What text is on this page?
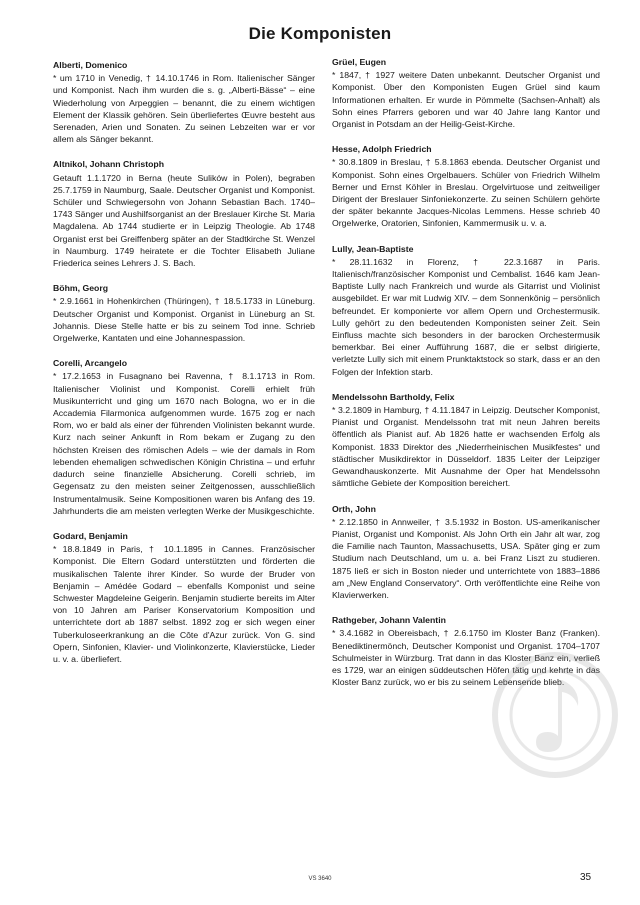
Die Komponisten
Alberti, Domenico
* um 1710 in Venedig, † 14.10.1746 in Rom. Italienischer Sänger und Komponist. Nach ihm wurden die s. g. „Alberti-Bässe“ – eine Wiederholung von Arpeggien – benannt, die zu einem wichtigen Element der Klassik gehören. Sein überliefertes Œuvre besteht aus Serenaden, Arien und Sonaten. Zu seinen Lebzeiten war er vor allem als Sänger bekannt.
Altnikol, Johann Christoph
Getauft 1.1.1720 in Berna (heute Sulików in Polen), begraben 25.7.1759 in Naumburg, Saale. Deutscher Organist und Komponist. Schüler und Schwiegersohn von Johann Sebastian Bach. 1740–1743 Sänger und Aushilfsorganist an der Breslauer Kirche St. Maria Magdalena. Ab 1744 studierte er in Leipzig Theologie. Ab 1748 Organist erst bei Greiffenberg später an der Stadtkirche St. Wenzel in Naumburg. 1749 heiratete er die Tochter Elisabeth Juliane Friederica seines Lehrers J. S. Bach.
Böhm, Georg
* 2.9.1661 in Hohenkirchen (Thüringen), † 18.5.1733 in Lüneburg. Deutscher Organist und Komponist. Organist in Lüneburg an St. Johannis. Diese Stelle hatte er bis zu seinem Tod inne. Schrieb Orgelwerke, Kantaten und eine Johannespassion.
Corelli, Arcangelo
* 17.2.1653 in Fusagnano bei Ravenna, † 8.1.1713 in Rom. Italienischer Violinist und Komponist. Corelli erhielt früh Musikunterricht und ging um 1670 nach Bologna, wo er in die Accademia Filarmonica aufgenommen wurde. 1675 zog er nach Rom, wo er bald als einer der führenden Violinisten bekannt wurde. Kurz nach seiner Ankunft in Rom bekam er Zugang zu den höchsten Kreisen des römischen Adels – wie der damals in Rom lebenden ehemaligen schwedischen Königin Christina – und erfuhr dadurch seine finanzielle Absicherung. Corelli schrieb, im Gegensatz zu den meisten seiner Zeitgenossen, ausschließlich Instrumentalmusik. Seine Kompositionen waren bis Anfang des 19. Jahrhunderts die am meisten verlegten Werke der Musikgeschichte.
Godard, Benjamin
* 18.8.1849 in Paris, † 10.1.1895 in Cannes. Französischer Komponist. Die Eltern Godard unterstützten und förderten die musikalischen Talente ihrer Kinder. So wurde der Bruder von Benjamin – Amédée Godard – ebenfalls Komponist und seine Schwester Magdeleine Geigerin. Benjamin studierte bereits im Alter von 10 Jahren am Pariser Konservatorium Komposition und unterrichtete dort ab 1887 selbst. 1892 zog er sich wegen einer Tuberkuloseerkrankung an die Côte d'Azur zurück. Von G. sind Opern, Sinfonien, Klavier- und Violinkonzerte, Klavierstücke, Lieder u. v. a. überliefert.
Grüel, Eugen
* 1847, † 1927 weitere Daten unbekannt. Deutscher Organist und Komponist. Über den Komponisten Eugen Grüel sind kaum Informationen erhalten. Er wurde in Pömmelte (Sachsen-Anhalt) als Sohn eines Pfarrers geboren und war 40 Jahre lang Kantor und Organist in Potsdam an der Heilig-Geist-Kirche.
Hesse, Adolph Friedrich
* 30.8.1809 in Breslau, † 5.8.1863 ebenda. Deutscher Organist und Komponist. Sohn eines Orgelbauers. Schüler von Friedrich Wilhelm Berner und Ernst Köhler in Breslau. Orgelvirtuose und zeitweiliger Dirigent der Breslauer Sinfoniekonzerte. Zu seinen Schülern gehörte der später bekannte Jacques-Nicolas Lemmens. Hesse schrieb 40 Orgelwerke, Oratorien, Sinfonien, Kammermusik u. v. a.
Lully, Jean-Baptiste
* 28.11.1632 in Florenz, † 22.3.1687 in Paris. Italienisch/französischer Komponist und Cembalist. 1646 kam Jean-Baptiste Lully nach Frankreich und wurde als Gitarrist und Violinist ausgebildet. Er war mit Ludwig XIV. – dem Sonnenkönig – persönlich befreundet. Er komponierte vor allem Opern und Orchestermusik. Lully gehört zu den bedeutenden Komponisten seiner Zeit. Sein Einfluss machte sich besonders in der barocken Orchestermusik bemerkbar. Bei einer Aufführung 1687, die er selbst dirigierte, verletzte Lully sich mit einem Prunktaktstock so stark, dass er an den Folgen der Infektion starb.
Mendelssohn Bartholdy, Felix
* 3.2.1809 in Hamburg, † 4.11.1847 in Leipzig. Deutscher Komponist, Pianist und Organist. Mendelssohn trat mit neun Jahren bereits öffentlich als Pianist auf. Ab 1826 hatte er wachsenden Erfolg als Komponist. 1833 Direktor des „Niederrheinischen Musikfestes“ und städtischer Musikdirektor in Düsseldorf. 1835 Leiter der Leipziger Gewandhauskonzerte. Mit Ausnahme der Oper hat Mendelssohn sämtliche Gebiete der Komposition bereichert.
Orth, John
* 2.12.1850 in Annweiler, † 3.5.1932 in Boston. US-amerikanischer Pianist, Organist und Komponist. Als John Orth ein Jahr alt war, zog die Familie nach Taunton, Massachusetts, USA. Später ging er zum Studium nach Deutschland, um u. a. bei Franz Liszt zu studieren. 1875 ließ er sich in Boston nieder und unterrichtete von 1883–1886 am „New England Conservatory“. Orth veröffentlichte eine Reihe von Klavierwerken.
Rathgeber, Johann Valentin
* 3.4.1682 in Obereisbach, † 2.6.1750 im Kloster Banz (Franken). Benediktinermönch, Deutscher Komponist und Organist. 1704–1707 Schulmeister in Würzburg. Trat dann in das Kloster Banz ein, verließ es 1729, war an einigen süddeutschen Höfen tätig und kehrte in das Kloster Banz zurück, wo er bis zu seinem Lebensende blieb.
VS 3640	35
